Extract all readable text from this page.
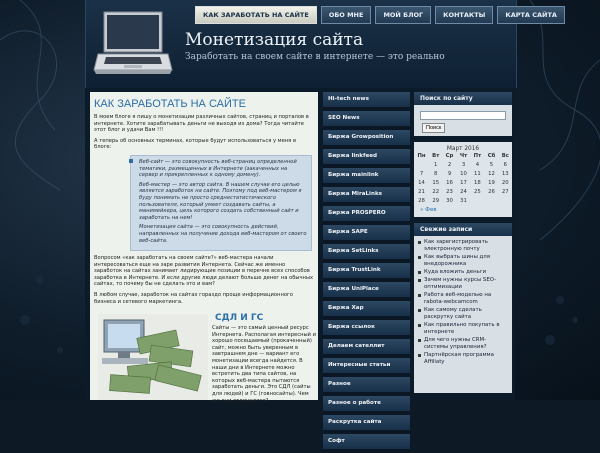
КАК ЗАРАБОТАТЬ НА САЙТЕ	ОБО МНЕ	МОЙ БЛОГ	КОНТАКТЫ	КАРТА САЙТА
Монетизация сайта
Заработать на своем сайте в интернете — это реально
КАК ЗАРАБОТАТЬ НА САЙТЕ
В моем блоге я пишу о монетизации различных сайтов, страниц и порталов в интернете. Хотите зарабатывать деньги не выходя из дома? Тогда читайте этот блог и удачи Вам !!!
А теперь об основных терминах, которые будут использоваться у меня в блоге:
Веб-сайт — это совокупность веб-страниц определенной тематики, размещенных в Интернете (закаченных на сервер и прикрепленных к одному домену).
Веб-мастер — это автор сайта. В нашем случае его целью является заработок на сайте. Поэтому под веб-мастером я буду понимать не просто среднестатистического пользователя, который умеет создавать сайты, а манимейкера, цель которого создать собственный сайт и заработать на нем!
Монетизация сайта — это совокупность действий, направленных на получение дохода веб-мастером от своего веб-сайта.
Вопросом «как заработать на своем сайте?» веб-мастера начали интересоваться еще на заре развития Интернета. Сейчас же именно заработок на сайтах занимает лидирующие позиции в перечне всех способов заработка в Интернете. И если другие люди делают больше денег на обычных сайтах, то почему бы не сделать это и вам?
В любом случае, заработок на сайтах гораздо проще информационного бизнеса и сетевого маркетинга.
СДЛ И ГС
Сайты — это самый ценный ресурс Интернета. Располагая интересный и хорошо посещаемый (прокаченный) сайт, можно быть уверенным в завтрашнем дне — вариант его монетизации всегда найдется. В наши дни в Интернете можно встретить два типа сайтов, на которых веб-мастера пытаются заработать деньги. Это СДЛ (сайты для людей) и ГС (говносайты). Чем же они отличаются?
Hi-tech news
SEO News
Биржа Growposition
Биржа linkfeed
Биржа mainlink
Биржа MiraLinks
Биржа PROSPERO
Биржа SAPE
Биржа SetLinks
Биржа TrustLink
Биржа UniPlace
Биржа Xap
Биржа ссылок
Делаем сателлит
Интересные статьи
Разное
Разное о работе
Раскрутка сайта
Софт
Поиск по сайту
Поиск
Март 2016
Пн	Вт	Ср	Чт	Пт	Сб	Вс
	1	2	3	4	5	6
7	8	9	10	11	12	13
14	15	16	17	18	19	20
21	22	23	24	25	26	27
28	29	30	31			
« Фев
Свежие записи
Как зарегистрировать электронную почту
Как выбрать шины для внедорожника
Куда вложить деньги
Зачем нужны курсы SEO-оптимизации
Работа веб-моделью на rabota-webcamcom
Как самому сделать раскрутку сайта
Как правильно покупать в интернете
Для чего нужны CRM-системы управления?
Партнёрская программа Affiliaty
